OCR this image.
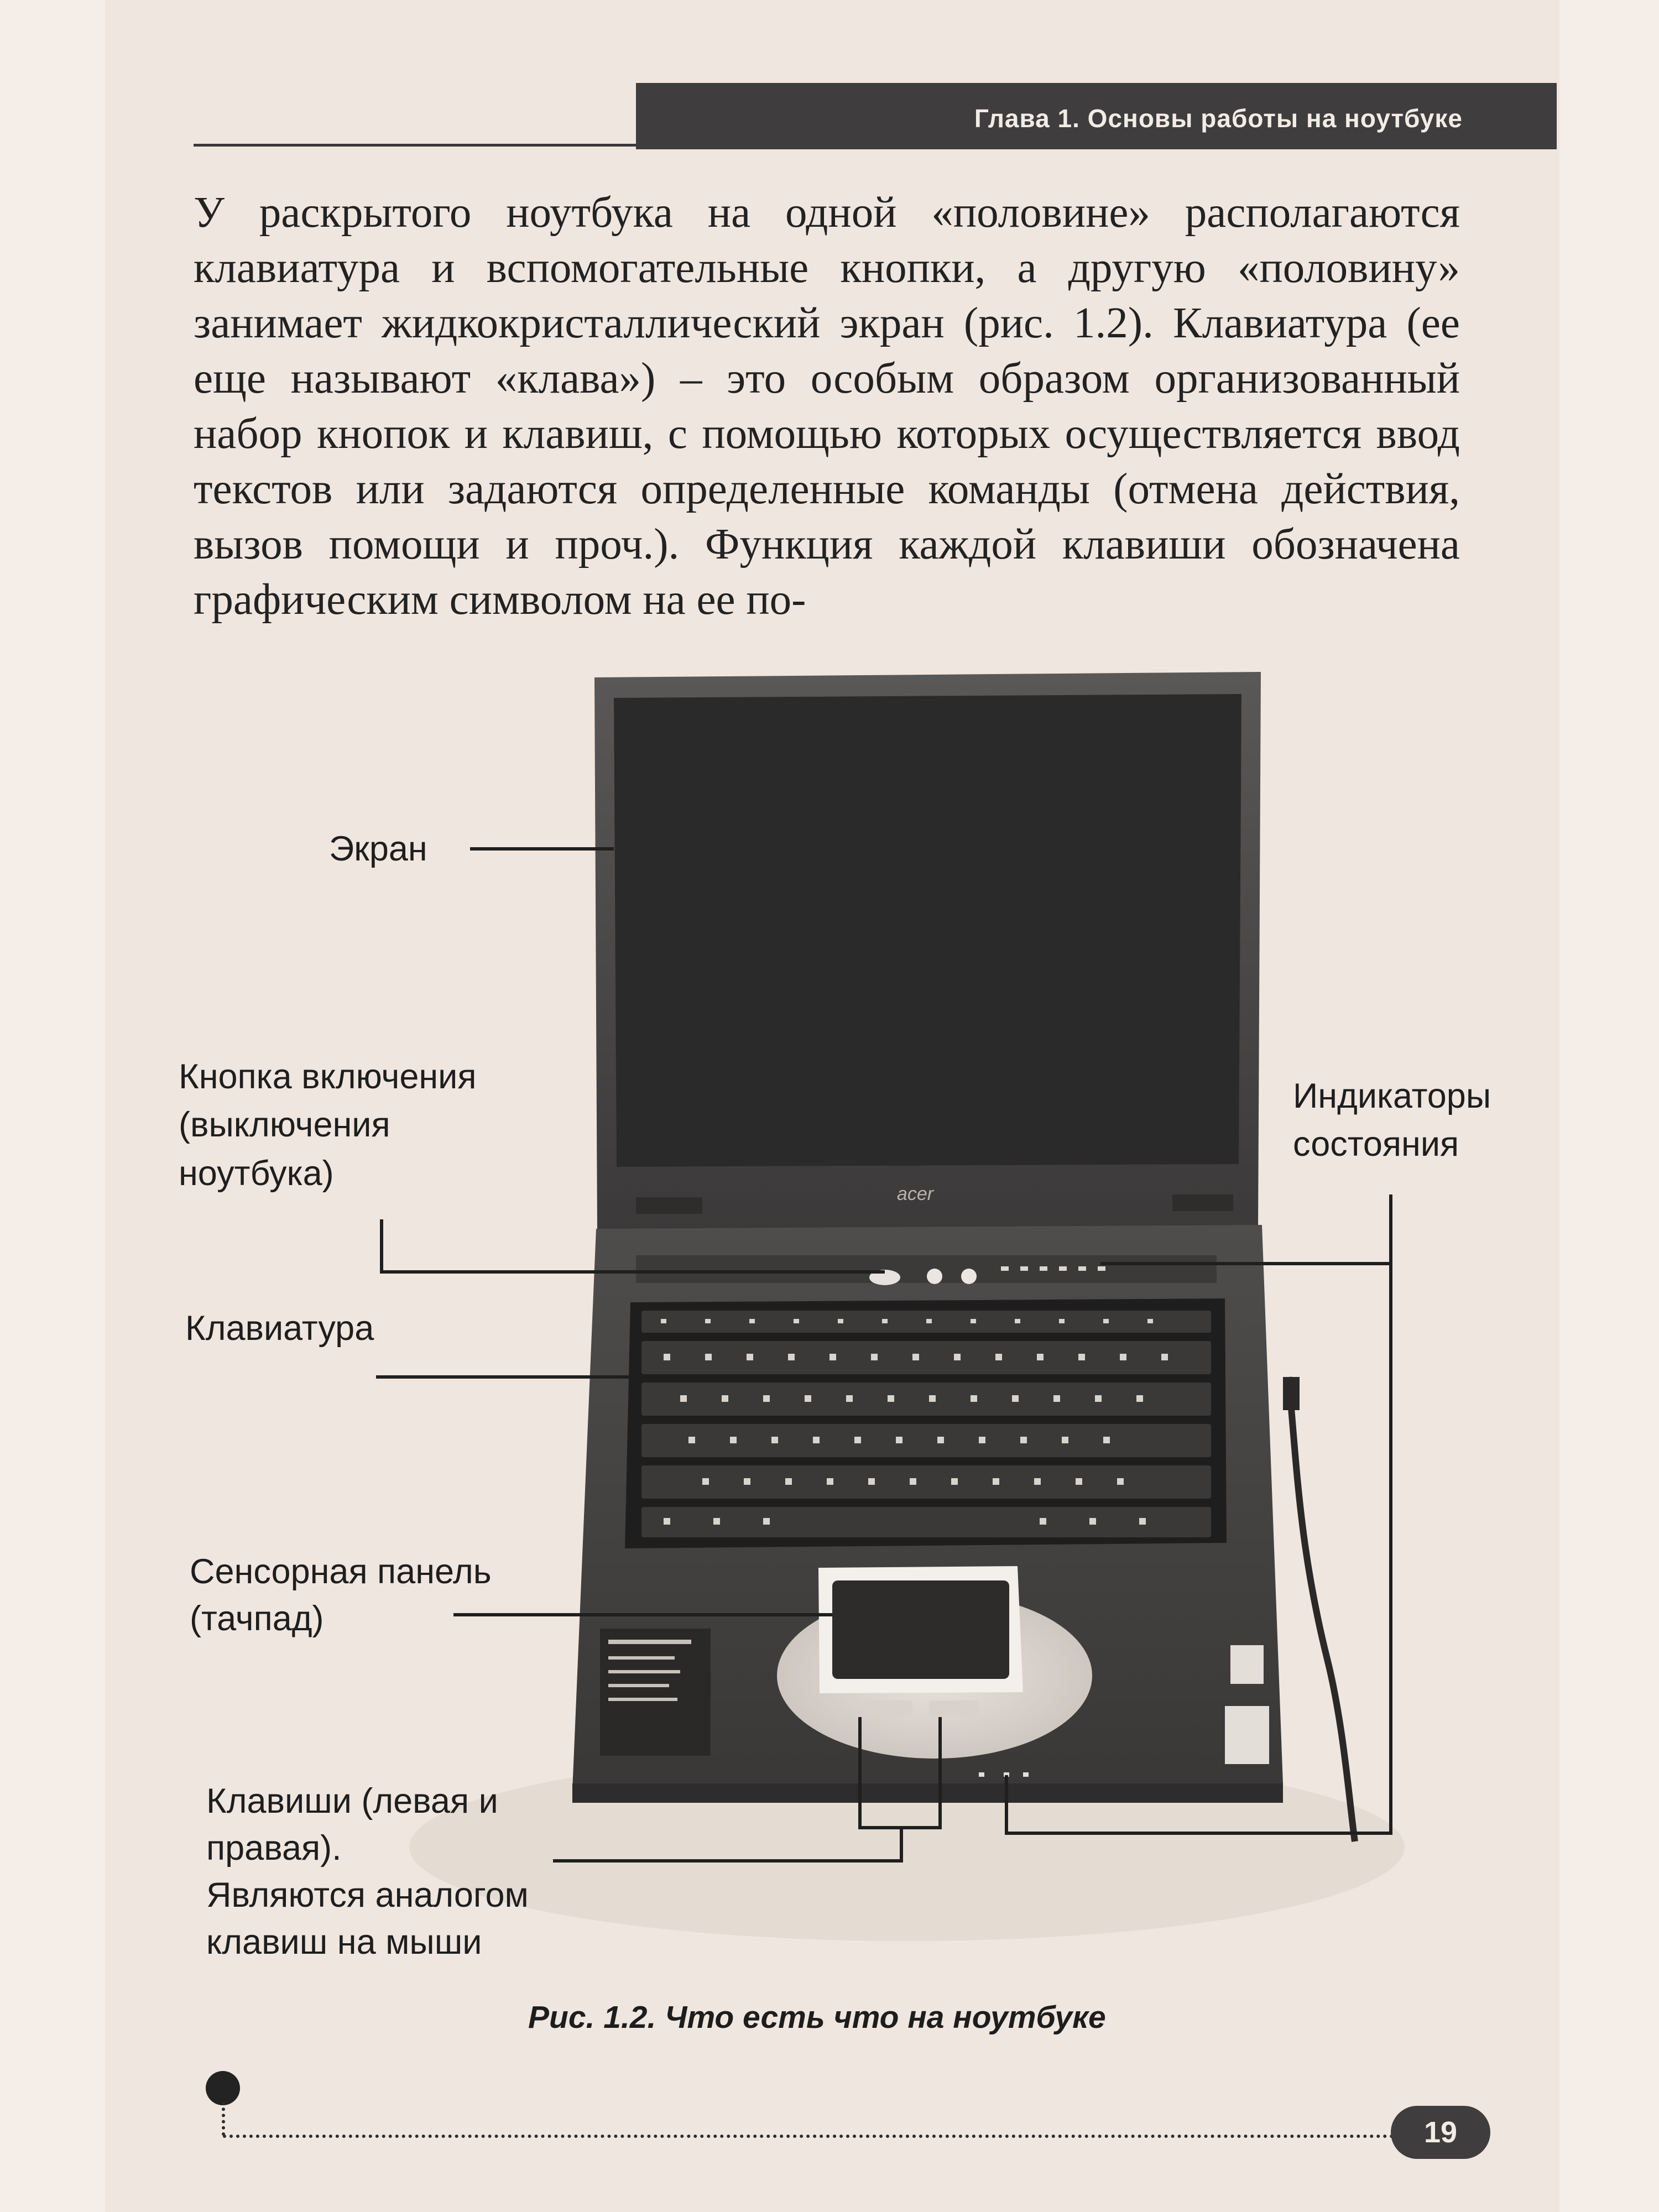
Глава 1. Основы работы на ноутбуке
У раскрытого ноутбука на одной «половине» располагаются клавиатура и вспомогательные кнопки, а другую «половину» занимает жидкокристаллический экран (рис. 1.2). Клавиатура (ее еще называют «клава») – это особым образом организованный набор кнопок и клавиш, с помощью которых осуществляется ввод текстов или задаются определенные команды (отмена действия, вызов помощи и проч.). Функция каждой клавиши обозначена графическим символом на ее по-
acer
Экран
Кнопка включения
(выключения
ноутбука)
Индикаторы
состояния
Клавиатура
Сенсорная панель
(тачпад)
Клавиши (левая и
правая).
Являются аналогом
клавиш на мыши
Рис. 1.2. Что есть что на ноутбуке
19
